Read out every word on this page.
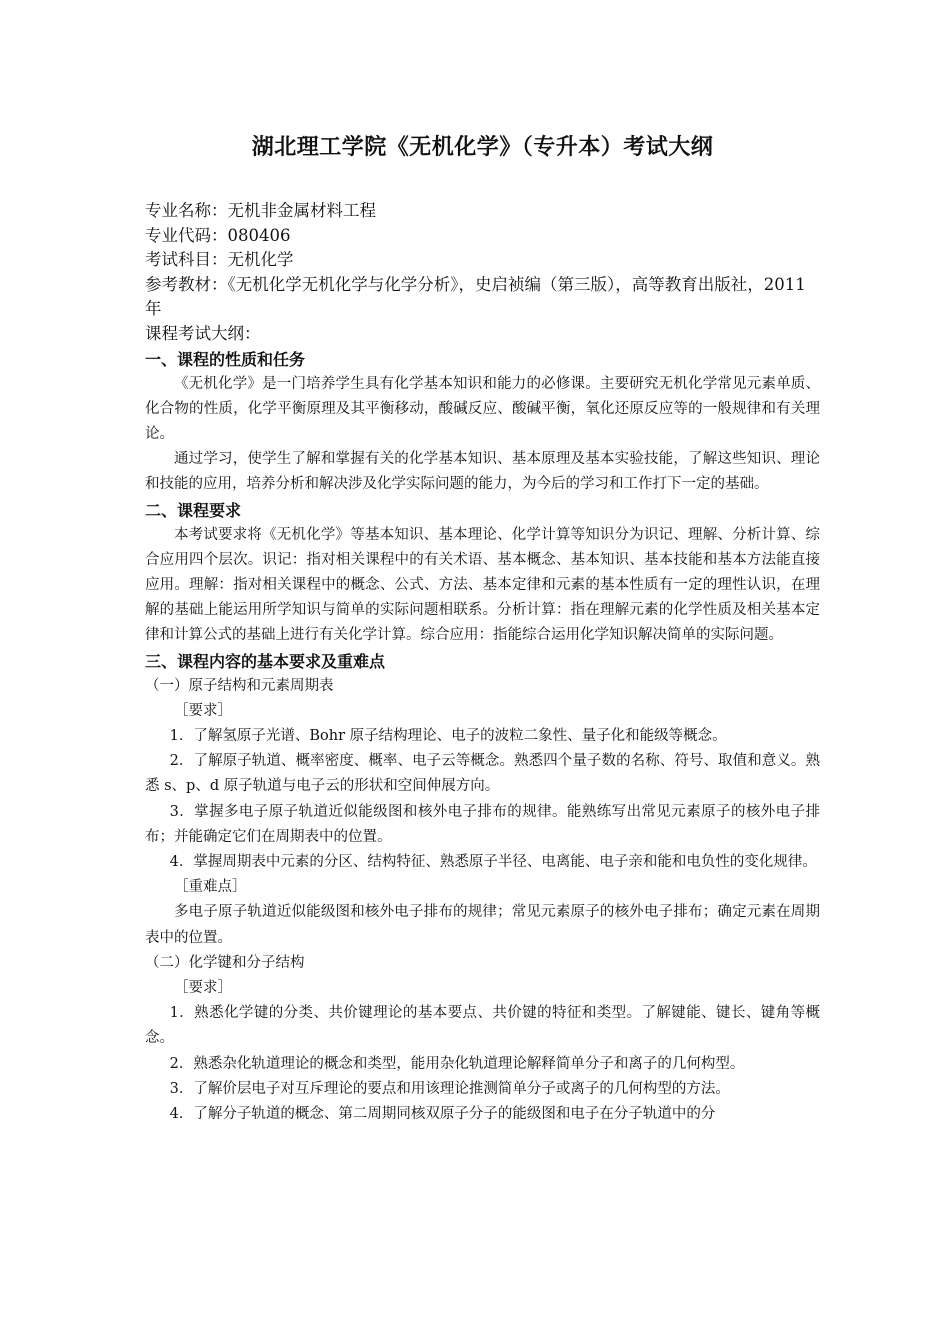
湖北理工学院《无机化学》（专升本）考试大纲

专业名称：无机非金属材料工程

专业代码：080406

考试科目：无机化学

参考教材：《无机化学无机化学与化学分析》，史启祯编（第三版），高等教育出版社，2011 年

课程考试大纲：

一、课程的性质和任务

《无机化学》是一门培养学生具有化学基本知识和能力的必修课。主要研究无机化学常见元素单质、化合物的性质，化学平衡原理及其平衡移动，酸碱反应、酸碱平衡，氧化还原反应等的一般规律和有关理论。

通过学习，使学生了解和掌握有关的化学基本知识、基本原理及基本实验技能，了解这些知识、理论和技能的应用，培养分析和解决涉及化学实际问题的能力，为今后的学习和工作打下一定的基础。

二、课程要求

本考试要求将《无机化学》等基本知识、基本理论、化学计算等知识分为识记、理解、分析计算、综合应用四个层次。识记：指对相关课程中的有关术语、基本概念、基本知识、基本技能和基本方法能直接应用。理解：指对相关课程中的概念、公式、方法、基本定律和元素的基本性质有一定的理性认识，在理解的基础上能运用所学知识与简单的实际问题相联系。分析计算：指在理解元素的化学性质及相关基本定律和计算公式的基础上进行有关化学计算。综合应用：指能综合运用化学知识解决简单的实际问题。

三、课程内容的基本要求及重难点

（一）原子结构和元素周期表

［要求］

1．了解氢原子光谱、Bohr 原子结构理论、电子的波粒二象性、量子化和能级等概念。

2．了解原子轨道、概率密度、概率、电子云等概念。熟悉四个量子数的名称、符号、取值和意义。熟悉 s、p、d 原子轨道与电子云的形状和空间伸展方向。

3．掌握多电子原子轨道近似能级图和核外电子排布的规律。能熟练写出常见元素原子的核外电子排布；并能确定它们在周期表中的位置。

4．掌握周期表中元素的分区、结构特征、熟悉原子半径、电离能、电子亲和能和电负性的变化规律。

［重难点］

多电子原子轨道近似能级图和核外电子排布的规律；常见元素原子的核外电子排布；确定元素在周期表中的位置。

（二）化学键和分子结构

［要求］

1．熟悉化学键的分类、共价键理论的基本要点、共价键的特征和类型。了解键能、键长、键角等概念。

2．熟悉杂化轨道理论的概念和类型，能用杂化轨道理论解释简单分子和离子的几何构型。

3．了解价层电子对互斥理论的要点和用该理论推测简单分子或离子的几何构型的方法。

4．了解分子轨道的概念、第二周期同核双原子分子的能级图和电子在分子轨道中的分
